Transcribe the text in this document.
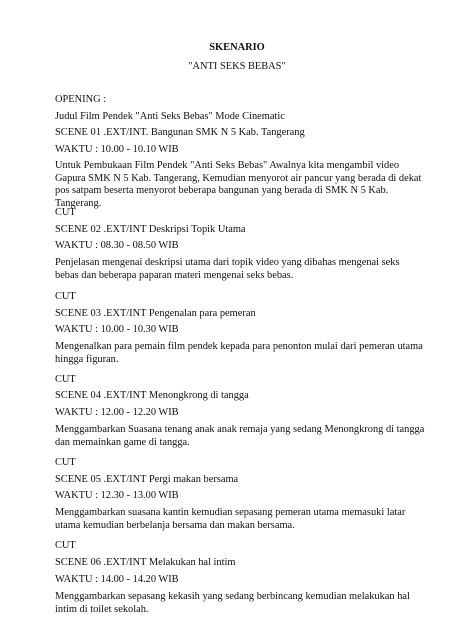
SKENARIO
"ANTI SEKS BEBAS"
OPENING :
Judul Film Pendek "Anti Seks Bebas" Mode Cinematic
SCENE 01 .EXT/INT. Bangunan SMK N 5 Kab. Tangerang
WAKTU : 10.00 - 10.10 WIB
Untuk Pembukaan Film Pendek "Anti Seks Bebas" Awalnya kita mengambil video Gapura SMK N 5 Kab. Tangerang, Kemudian menyorot air pancur yang berada di dekat pos satpam beserta menyorot beberapa bangunan yang berada di SMK N 5 Kab. Tangerang.
CUT
SCENE 02 .EXT/INT Deskripsi Topik Utama
WAKTU : 08.30 - 08.50 WIB
Penjelasan mengenai deskripsi utama dari topik video yang dibahas mengenai seks bebas dan beberapa paparan materi mengenai seks bebas.
CUT
SCENE 03 .EXT/INT Pengenalan para pemeran
WAKTU : 10.00 - 10.30 WIB
Mengenalkan para pemain film pendek kepada para penonton mulai dari pemeran utama hingga figuran.
CUT
SCENE 04 .EXT/INT Menongkrong di tangga
WAKTU : 12.00 - 12.20 WIB
Menggambarkan Suasana tenang anak anak remaja yang sedang Menongkrong di tangga dan memainkan game di tangga.
CUT
SCENE 05 .EXT/INT Pergi makan bersama
WAKTU : 12.30 - 13.00 WIB
Menggambarkan suasana kantin kemudian sepasang pemeran utama memasuki latar utama kemudian berbelanja bersama dan makan bersama.
CUT
SCENE 06 .EXT/INT Melakukan hal intim
WAKTU : 14.00 - 14.20 WIB
Menggambarkan sepasang kekasih yang sedang berbincang kemudian melakukan hal intim di toilet sekolah.
